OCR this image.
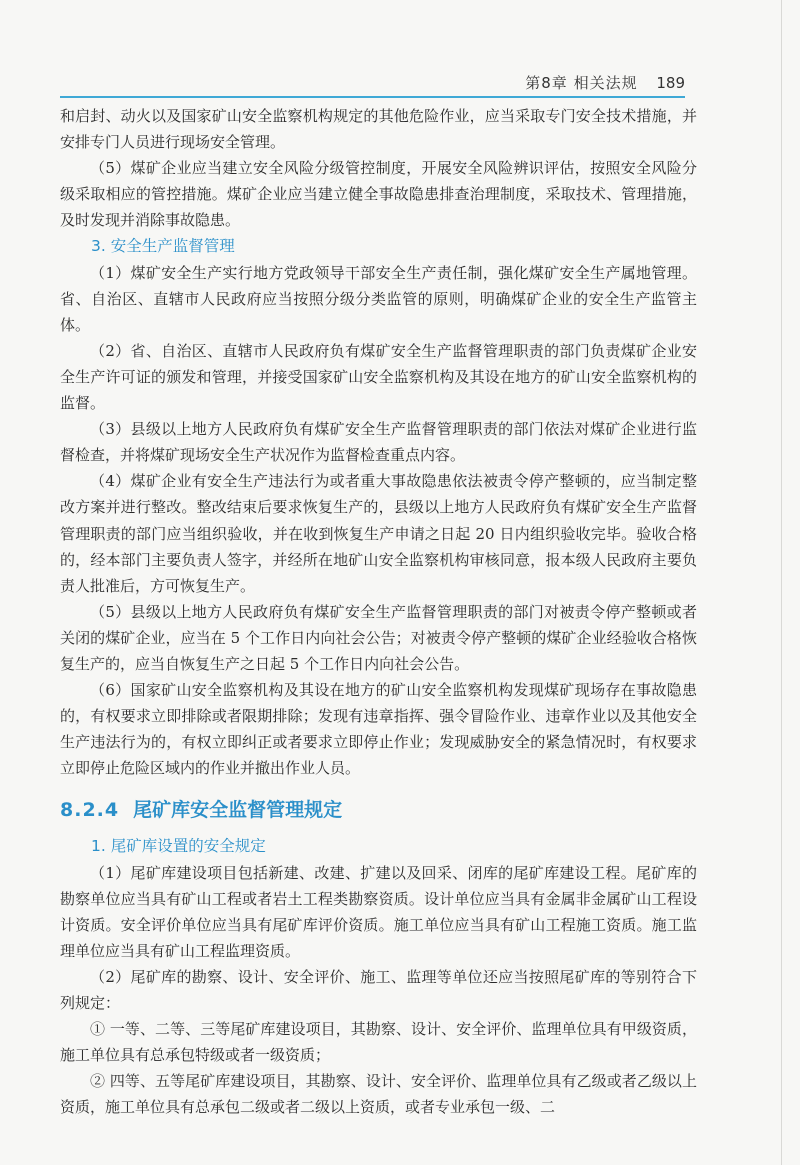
第8章 相关法规 189

和启封、动火以及国家矿山安全监察机构规定的其他危险作业，应当采取专门安全技术措施，并安排专门人员进行现场安全管理。

（5）煤矿企业应当建立安全风险分级管控制度，开展安全风险辨识评估，按照安全风险分级采取相应的管控措施。煤矿企业应当建立健全事故隐患排查治理制度，采取技术、管理措施，及时发现并消除事故隐患。

3. 安全生产监督管理

（1）煤矿安全生产实行地方党政领导干部安全生产责任制，强化煤矿安全生产属地管理。省、自治区、直辖市人民政府应当按照分级分类监管的原则，明确煤矿企业的安全生产监管主体。

（2）省、自治区、直辖市人民政府负有煤矿安全生产监督管理职责的部门负责煤矿企业安全生产许可证的颁发和管理，并接受国家矿山安全监察机构及其设在地方的矿山安全监察机构的监督。

（3）县级以上地方人民政府负有煤矿安全生产监督管理职责的部门依法对煤矿企业进行监督检查，并将煤矿现场安全生产状况作为监督检查重点内容。

（4）煤矿企业有安全生产违法行为或者重大事故隐患依法被责令停产整顿的，应当制定整改方案并进行整改。整改结束后要求恢复生产的，县级以上地方人民政府负有煤矿安全生产监督管理职责的部门应当组织验收，并在收到恢复生产申请之日起 20 日内组织验收完毕。验收合格的，经本部门主要负责人签字，并经所在地矿山安全监察机构审核同意，报本级人民政府主要负责人批准后，方可恢复生产。

（5）县级以上地方人民政府负有煤矿安全生产监督管理职责的部门对被责令停产整顿或者关闭的煤矿企业，应当在 5 个工作日内向社会公告；对被责令停产整顿的煤矿企业经验收合格恢复生产的，应当自恢复生产之日起 5 个工作日内向社会公告。

（6）国家矿山安全监察机构及其设在地方的矿山安全监察机构发现煤矿现场存在事故隐患的，有权要求立即排除或者限期排除；发现有违章指挥、强令冒险作业、违章作业以及其他安全生产违法行为的，有权立即纠正或者要求立即停止作业；发现威胁安全的紧急情况时，有权要求立即停止危险区域内的作业并撤出作业人员。

8.2.4 尾矿库安全监督管理规定
1. 尾矿库设置的安全规定

（1）尾矿库建设项目包括新建、改建、扩建以及回采、闭库的尾矿库建设工程。尾矿库的勘察单位应当具有矿山工程或者岩土工程类勘察资质。设计单位应当具有金属非金属矿山工程设计资质。安全评价单位应当具有尾矿库评价资质。施工单位应当具有矿山工程施工资质。施工监理单位应当具有矿山工程监理资质。

（2）尾矿库的勘察、设计、安全评价、施工、监理等单位还应当按照尾矿库的等别符合下列规定：

① 一等、二等、三等尾矿库建设项目，其勘察、设计、安全评价、监理单位具有甲级资质，施工单位具有总承包特级或者一级资质；

② 四等、五等尾矿库建设项目，其勘察、设计、安全评价、监理单位具有乙级或者乙级以上资质，施工单位具有总承包二级或者二级以上资质，或者专业承包一级、二
